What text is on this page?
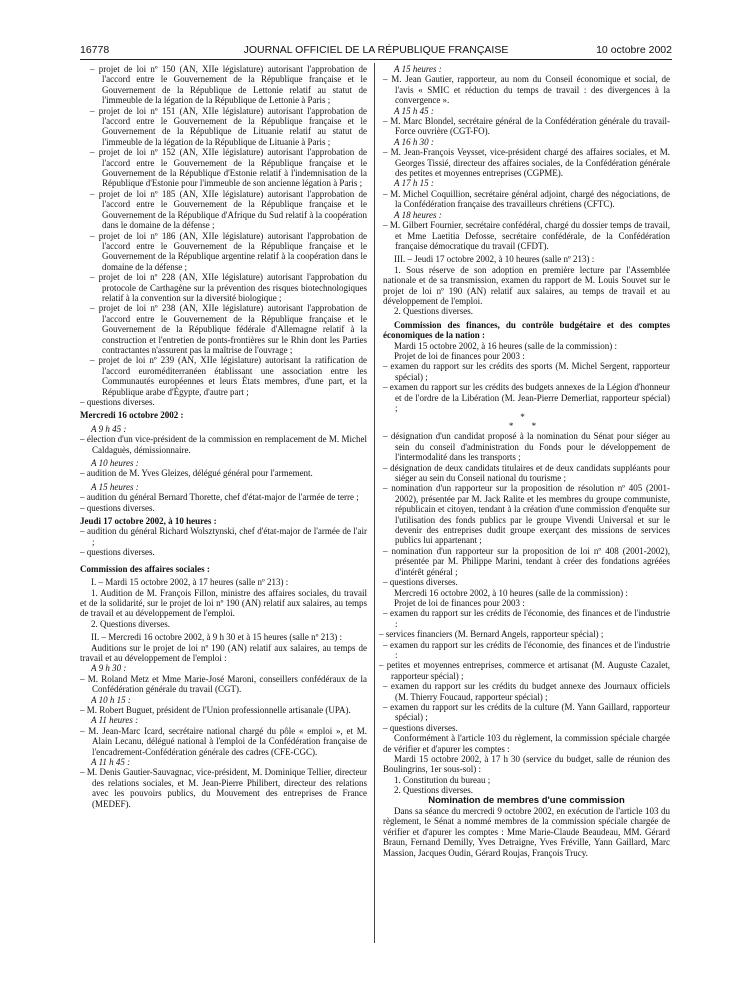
16778	JOURNAL OFFICIEL DE LA RÉPUBLIQUE FRANÇAISE	10 octobre 2002

– projet de loi nº 150 (AN, XIIe législature) autorisant l'approbation de l'accord entre le Gouvernement de la République française et le Gouvernement de la République de Lettonie relatif au statut de l'immeuble de la légation de la République de Lettonie à Paris ;

– projet de loi nº 151 (AN, XIIe législature) autorisant l'approbation de l'accord entre le Gouvernement de la République française et le Gouvernement de la République de Lituanie relatif au statut de l'immeuble de la légation de la République de Lituanie à Paris ;

– projet de loi nº 152 (AN, XIIe législature) autorisant l'approbation de l'accord entre le Gouvernement de la République française et le Gouvernement de la République d'Estonie relatif à l'indemnisation de la République d'Estonie pour l'immeuble de son ancienne légation à Paris ;

– projet de loi nº 185 (AN, XIIe législature) autorisant l'approbation de l'accord entre le Gouvernement de la République française et le Gouvernement de la République d'Afrique du Sud relatif à la coopération dans le domaine de la défense ;

– projet de loi nº 186 (AN, XIIe législature) autorisant l'approbation de l'accord entre le Gouvernement de la République française et le Gouvernement de la République argentine relatif à la coopération dans le domaine de la défense ;

– projet de loi nº 228 (AN, XIIe législature) autorisant l'approbation du protocole de Carthagène sur la prévention des risques biotechnologiques relatif à la convention sur la diversité biologique ;

– projet de loi nº 238 (AN, XIIe législature) autorisant l'approbation de l'accord entre le Gouvernement de la République française et le Gouvernement de la République fédérale d'Allemagne relatif à la construction et l'entretien de ponts-frontières sur le Rhin dont les Parties contractantes n'assurent pas la maîtrise de l'ouvrage ;

– projet de loi nº 239 (AN, XIIe législature) autorisant la ratification de l'accord euroméditerranéen établissant une association entre les Communautés européennes et leurs États membres, d'une part, et la République arabe d'Égypte, d'autre part ;

– questions diverses.

Mercredi 16 octobre 2002 :

A 9 h 45 :

– élection d'un vice-président de la commission en remplacement de M. Michel Caldaguès, démissionnaire.

A 10 heures :

– audition de M. Yves Gleizes, délégué général pour l'armement.

A 15 heures :

– audition du général Bernard Thorette, chef d'état-major de l'armée de terre ;

– questions diverses.

Jeudi 17 octobre 2002, à 10 heures :

– audition du général Richard Wolsztynski, chef d'état-major de l'armée de l'air ;

– questions diverses.

Commission des affaires sociales :

I. – Mardi 15 octobre 2002, à 17 heures (salle nº 213) :

1. Audition de M. François Fillon, ministre des affaires sociales, du travail et de la solidarité, sur le projet de loi nº 190 (AN) relatif aux salaires, au temps de travail et au développement de l'emploi.

2. Questions diverses.

II. – Mercredi 16 octobre 2002, à 9 h 30 et à 15 heures (salle nº 213) :

Auditions sur le projet de loi nº 190 (AN) relatif aux salaires, au temps de travail et au développement de l'emploi :

A 9 h 30 :

– M. Roland Metz et Mme Marie-José Maroni, conseillers confédéraux de la Confédération générale du travail (CGT).

A 10 h 15 :

– M. Robert Buguet, président de l'Union professionnelle artisanale (UPA).

A 11 heures :

– M. Jean-Marc Icard, secrétaire national chargé du pôle « emploi », et M. Alain Lecanu, délégué national à l'emploi de la Confédération française de l'encadrement-Confédération générale des cadres (CFE-CGC).

A 11 h 45 :

– M. Denis Gautier-Sauvagnac, vice-président, M. Dominique Tellier, directeur des relations sociales, et M. Jean-Pierre Philibert, directeur des relations avec les pouvoirs publics, du Mouvement des entreprises de France (MEDEF).

A 15 heures :

– M. Jean Gautier, rapporteur, au nom du Conseil économique et social, de l'avis « SMIC et réduction du temps de travail : des divergences à la convergence ».

A 15 h 45 :

– M. Marc Blondel, secrétaire général de la Confédération générale du travail-Force ouvrière (CGT-FO).

A 16 h 30 :

– M. Jean-François Veysset, vice-président chargé des affaires sociales, et M. Georges Tissié, directeur des affaires sociales, de la Confédération générale des petites et moyennes entreprises (CGPME).

A 17 h 15 :

– M. Michel Coquillion, secrétaire général adjoint, chargé des négociations, de la Confédération française des travailleurs chrétiens (CFTC).

A 18 heures :

– M. Gilbert Fournier, secrétaire confédéral, chargé du dossier temps de travail, et Mme Laetitia Defosse, secrétaire confédérale, de la Confédération française démocratique du travail (CFDT).

III. – Jeudi 17 octobre 2002, à 10 heures (salle nº 213) :

1. Sous réserve de son adoption en première lecture par l'Assemblée nationale et de sa transmission, examen du rapport de M. Louis Souvet sur le projet de loi nº 190 (AN) relatif aux salaires, au temps de travail et au développement de l'emploi.

2. Questions diverses.

Commission des finances, du contrôle budgétaire et des comptes économiques de la nation :

Mardi 15 octobre 2002, à 16 heures (salle de la commission) :

Projet de loi de finances pour 2003 :

– examen du rapport sur les crédits des sports (M. Michel Sergent, rapporteur spécial) ;

– examen du rapport sur les crédits des budgets annexes de la Légion d'honneur et de l'ordre de la Libération (M. Jean-Pierre Demerliat, rapporteur spécial) ;

*

* *

– désignation d'un candidat proposé à la nomination du Sénat pour siéger au sein du conseil d'administration du Fonds pour le développement de l'intermodalité dans les transports ;

– désignation de deux candidats titulaires et de deux candidats suppléants pour siéger au sein du Conseil national du tourisme ;

– nomination d'un rapporteur sur la proposition de résolution nº 405 (2001-2002), présentée par M. Jack Ralite et les membres du groupe communiste, républicain et citoyen, tendant à la création d'une commission d'enquête sur l'utilisation des fonds publics par le groupe Vivendi Universal et sur le devenir des entreprises dudit groupe exerçant des missions de services publics lui appartenant ;

– nomination d'un rapporteur sur la proposition de loi nº 408 (2001-2002), présentée par M. Philippe Marini, tendant à créer des fondations agréées d'intérêt général ;

– questions diverses.

Mercredi 16 octobre 2002, à 10 heures (salle de la commission) :

Projet de loi de finances pour 2003 :

– examen du rapport sur les crédits de l'économie, des finances et de l'industrie :

– services financiers (M. Bernard Angels, rapporteur spécial) ;

– examen du rapport sur les crédits de l'économie, des finances et de l'industrie :

– petites et moyennes entreprises, commerce et artisanat (M. Auguste Cazalet, rapporteur spécial) ;

– examen du rapport sur les crédits du budget annexe des Journaux officiels (M. Thierry Foucaud, rapporteur spécial) ;

– examen du rapport sur les crédits de la culture (M. Yann Gaillard, rapporteur spécial) ;

– questions diverses.

Conformément à l'article 103 du règlement, la commission spéciale chargée de vérifier et d'apurer les comptes :

Mardi 15 octobre 2002, à 17 h 30 (service du budget, salle de réunion des Boulingrins, 1er sous-sol) :

1. Constitution du bureau ;

2. Questions diverses.

Nomination de membres d'une commission

Dans sa séance du mercredi 9 octobre 2002, en exécution de l'article 103 du règlement, le Sénat a nommé membres de la commission spéciale chargée de vérifier et d'apurer les comptes : Mme Marie-Claude Beaudeau, MM. Gérard Braun, Fernand Demilly, Yves Detraigne, Yves Fréville, Yann Gaillard, Marc Massion, Jacques Oudin, Gérard Roujas, François Trucy.
